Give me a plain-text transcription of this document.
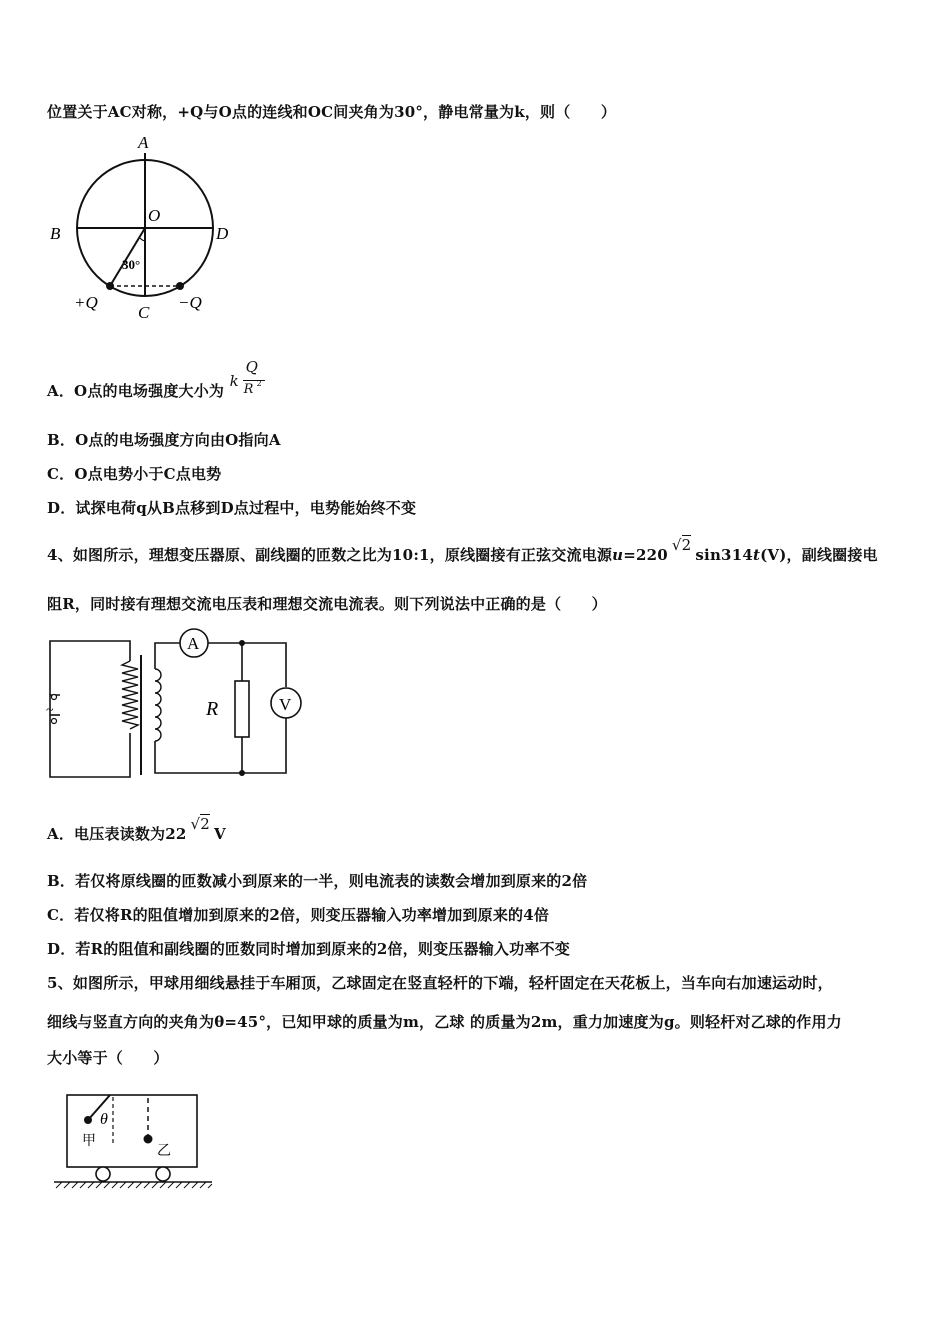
位置关于AC对称，+Q与O点的连线和OC间夹角为30°，静电常量为k，则（　　）
A
B
O
D
30°
+Q
C
−Q
A．O点的电场强度大小为
k
Q
R 2
B．O点的电场强度方向由O指向A
C．O点电势小于C点电势
D．试探电荷q从B点移到D点过程中，电势能始终不变
4、如图所示，理想变压器原、副线圈的匝数之比为10:1，原线圈接有正弦交流电源u=220√2sin314t(V)，副线圈接电
阻R，同时接有理想交流电压表和理想交流电流表。则下列说法中正确的是（　　）
~
A
R	V
A．电压表读数为22√2V
B．若仅将原线圈的匝数减小到原来的一半，则电流表的读数会增加到原来的2倍
C．若仅将R的阻值增加到原来的2倍，则变压器输入功率增加到原来的4倍
D．若R的阻值和副线圈的匝数同时增加到原来的2倍，则变压器输入功率不变
5、如图所示，甲球用细线悬挂于车厢顶，乙球固定在竖直轻杆的下端，轻杆固定在天花板上，当车向右加速运动时，
细线与竖直方向的夹角为θ=45°，已知甲球的质量为m，乙球 的质量为2m，重力加速度为g。则轻杆对乙球的作用力
大小等于（　　）
θ
甲
乙
